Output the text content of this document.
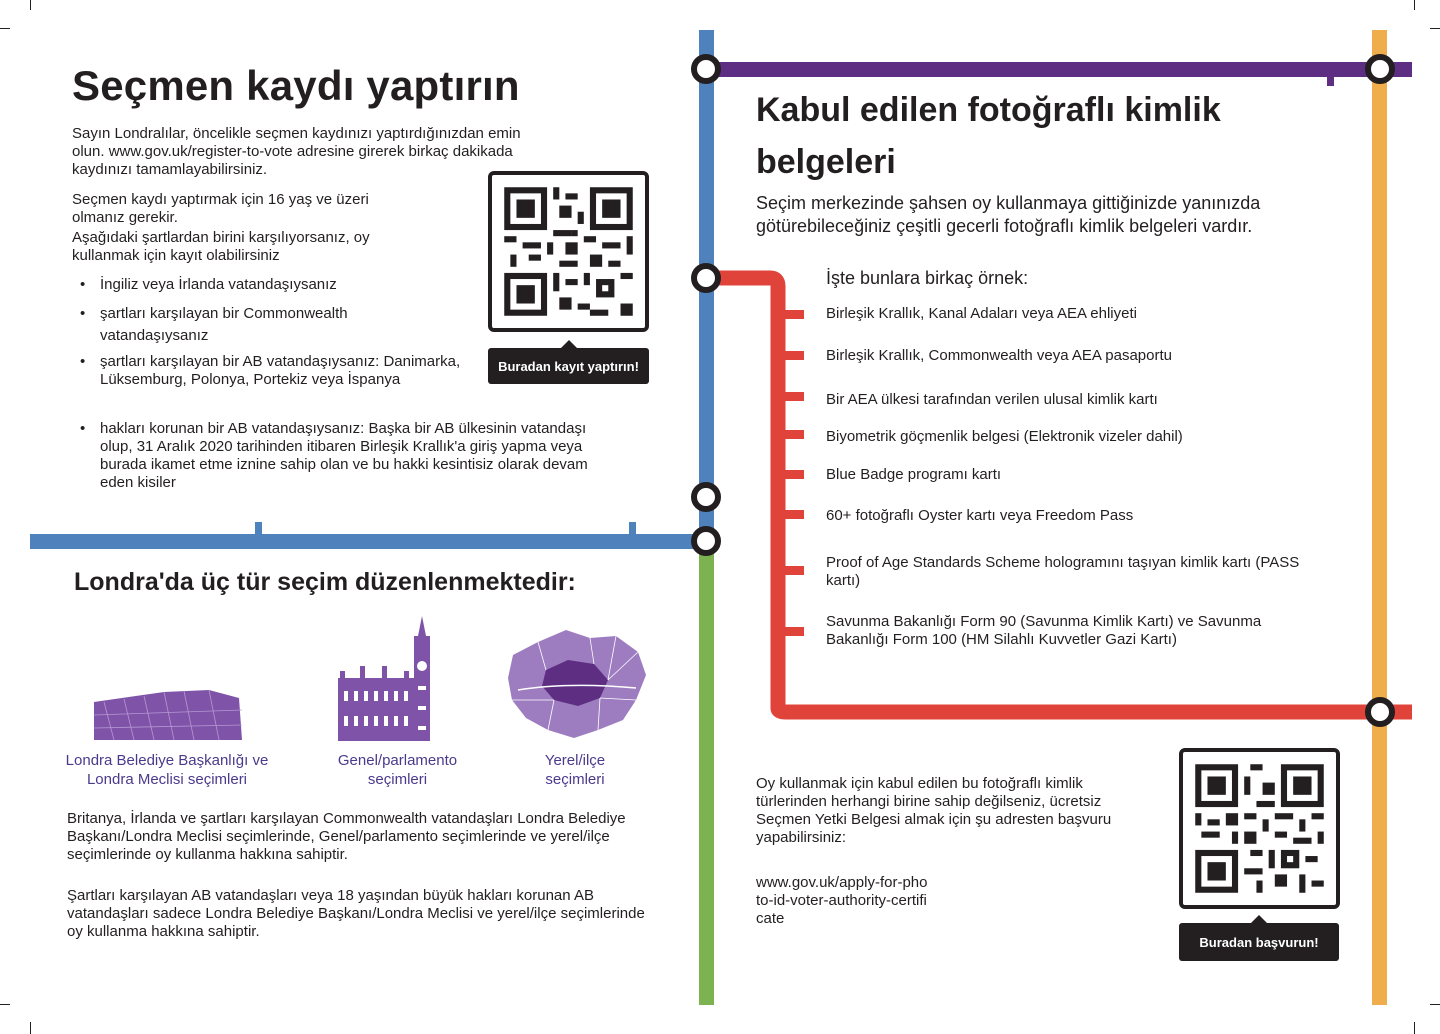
Seçmen kaydı yaptırın
Sayın Londralılar, öncelikle seçmen kaydınızı yaptırdığınızdan emin olun. www.gov.uk/register-to-vote adresine girerek birkaç dakikada kaydınızı tamamlayabilirsiniz.
Seçmen kaydı yaptırmak için 16 yaş ve üzeri olmanız gerekir.
Aşağıdaki şartlardan birini karşılıyorsanız, oy kullanmak için kayıt olabilirsiniz
• İngiliz veya İrlanda vatandaşıysanız
• şartları karşılayan bir Commonwealth vatandaşıysanız
• şartları karşılayan bir AB vatandaşıysanız: Danimarka, Lüksemburg, Polonya, Portekiz veya İspanya
• hakları korunan bir AB vatandaşıysanız: Başka bir AB ülkesinin vatandaşı olup, 31 Aralık 2020 tarihinden itibaren Birleşik Krallık'a giriş yapma veya burada ikamet etme iznine sahip olan ve bu hakki kesintisiz olarak devam eden kisiler
Buradan kayıt yaptırın!
Londra'da üç tür seçim düzenlenmektedir:
Londra Belediye Başkanlığı ve Londra Meclisi seçimleri
Genel/parlamento seçimleri
Yerel/ilçe seçimleri
Britanya, İrlanda ve şartları karşılayan Commonwealth vatandaşları Londra Belediye Başkanı/Londra Meclisi seçimlerinde, Genel/parlamento seçimlerinde ve yerel/ilçe seçimlerinde oy kullanma hakkına sahiptir.
Şartları karşılayan AB vatandaşları veya 18 yaşından büyük hakları korunan AB vatandaşları sadece Londra Belediye Başkanı/Londra Meclisi ve yerel/ilçe seçimlerinde oy kullanma hakkına sahiptir.
Kabul edilen fotoğraflı kimlik belgeleri
Seçim merkezinde şahsen oy kullanmaya gittiğinizde yanınızda götürebileceğiniz çeşitli gecerli fotoğraflı kimlik belgeleri vardır.
İşte bunlara birkaç örnek:
Birleşik Krallık, Kanal Adaları veya AEA ehliyeti
Birleşik Krallık, Commonwealth veya AEA pasaportu
Bir AEA ülkesi tarafından verilen ulusal kimlik kartı
Biyometrik göçmenlik belgesi (Elektronik vizeler dahil)
Blue Badge programı kartı
60+ fotoğraflı Oyster kartı veya Freedom Pass
Proof of Age Standards Scheme hologramını taşıyan kimlik kartı (PASS kartı)
Savunma Bakanlığı Form 90 (Savunma Kimlik Kartı) ve Savunma Bakanlığı Form 100 (HM Silahlı Kuvvetler Gazi Kartı)
Oy kullanmak için kabul edilen bu fotoğraflı kimlik türlerinden herhangi birine sahip değilseniz, ücretsiz Seçmen Yetki Belgesi almak için şu adresten başvuru yapabilirsiniz:
www.gov.uk/apply-for-photo-id-voter-authority-certificate
Buradan başvurun!
